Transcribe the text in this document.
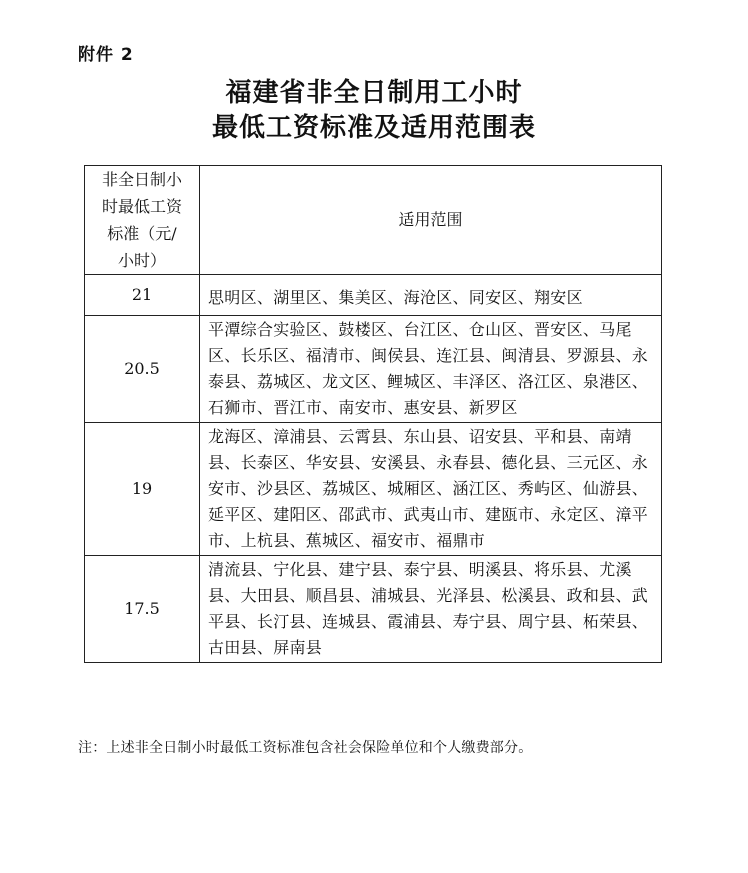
附件 2
福建省非全日制用工小时
最低工资标准及适用范围表
非全日制小时最低工资标准（元/小时）	适用范围
21	思明区、湖里区、集美区、海沧区、同安区、翔安区

20.5	平潭综合实验区、鼓楼区、台江区、仓山区、晋安区、马尾区、长乐区、福清市、闽侯县、连江县、闽清县、罗源县、永泰县、荔城区、龙文区、鲤城区、丰泽区、洛江区、泉港区、石狮市、晋江市、南安市、惠安县、新罗区

19	龙海区、漳浦县、云霄县、东山县、诏安县、平和县、南靖县、长泰区、华安县、安溪县、永春县、德化县、三元区、永安市、沙县区、荔城区、城厢区、涵江区、秀屿区、仙游县、延平区、建阳区、邵武市、武夷山市、建瓯市、永定区、漳平市、上杭县、蕉城区、福安市、福鼎市

17.5	清流县、宁化县、建宁县、泰宁县、明溪县、将乐县、尤溪县、大田县、顺昌县、浦城县、光泽县、松溪县、政和县、武平县、长汀县、连城县、霞浦县、寿宁县、周宁县、柘荣县、古田县、屏南县
注：上述非全日制小时最低工资标准包含社会保险单位和个人缴费部分。
